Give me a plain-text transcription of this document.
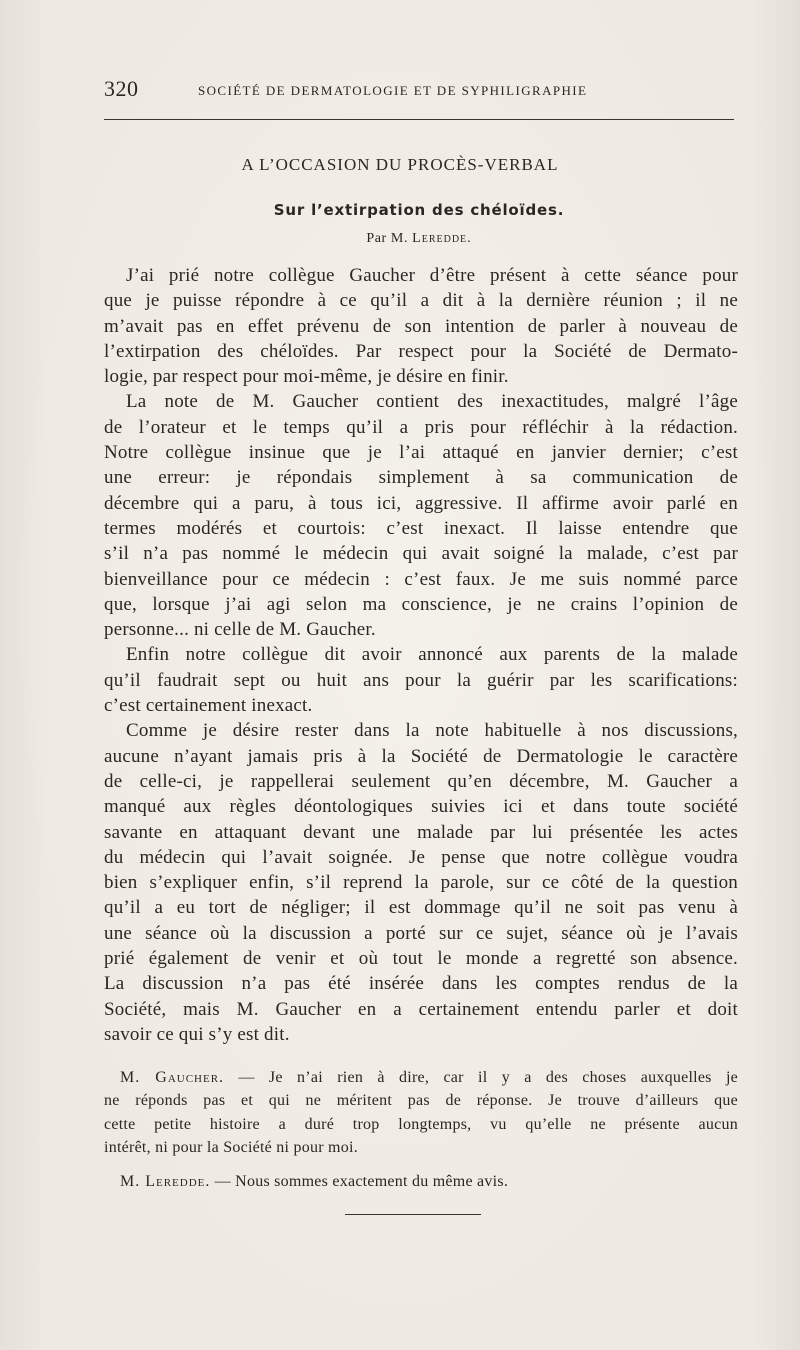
320	SOCIÉTÉ DE DERMATOLOGIE ET DE SYPHILIGRAPHIE
A L’OCCASION DU PROCÈS-VERBAL
Sur l’extirpation des chéloïdes.
Par M. Leredde.
J’ai prié notre collègue Gaucher d’être présent à cette séance pour
que je puisse répondre à ce qu’il a dit à la dernière réunion ; il ne
m’avait pas en effet prévenu de son intention de parler à nouveau de
l’extirpation des chéloïdes. Par respect pour la Société de Dermato-
logie, par respect pour moi-même, je désire en finir.
La note de M. Gaucher contient des inexactitudes, malgré l’âge
de l’orateur et le temps qu’il a pris pour réfléchir à la rédaction.
Notre collègue insinue que je l’ai attaqué en janvier dernier; c’est
une erreur: je répondais simplement à sa communication de
décembre qui a paru, à tous ici, aggressive. Il affirme avoir parlé en
termes modérés et courtois: c’est inexact. Il laisse entendre que
s’il n’a pas nommé le médecin qui avait soigné la malade, c’est par
bienveillance pour ce médecin : c’est faux. Je me suis nommé parce
que, lorsque j’ai agi selon ma conscience, je ne crains l’opinion de
personne... ni celle de M. Gaucher.
Enfin notre collègue dit avoir annoncé aux parents de la malade
qu’il faudrait sept ou huit ans pour la guérir par les scarifications:
c’est certainement inexact.
Comme je désire rester dans la note habituelle à nos discussions,
aucune n’ayant jamais pris à la Société de Dermatologie le caractère
de celle-ci, je rappellerai seulement qu’en décembre, M. Gaucher a
manqué aux règles déontologiques suivies ici et dans toute société
savante en attaquant devant une malade par lui présentée les actes
du médecin qui l’avait soignée. Je pense que notre collègue voudra
bien s’expliquer enfin, s’il reprend la parole, sur ce côté de la question
qu’il a eu tort de négliger; il est dommage qu’il ne soit pas venu à
une séance où la discussion a porté sur ce sujet, séance où je l’avais
prié également de venir et où tout le monde a regretté son absence.
La discussion n’a pas été insérée dans les comptes rendus de la
Société, mais M. Gaucher en a certainement entendu parler et doit
savoir ce qui s’y est dit.
M. Gaucher. — Je n’ai rien à dire, car il y a des choses auxquelles je
ne réponds pas et qui ne méritent pas de réponse. Je trouve d’ailleurs que
cette petite histoire a duré trop longtemps, vu qu’elle ne présente aucun
intérêt, ni pour la Société ni pour moi.
M. Leredde. — Nous sommes exactement du même avis.
